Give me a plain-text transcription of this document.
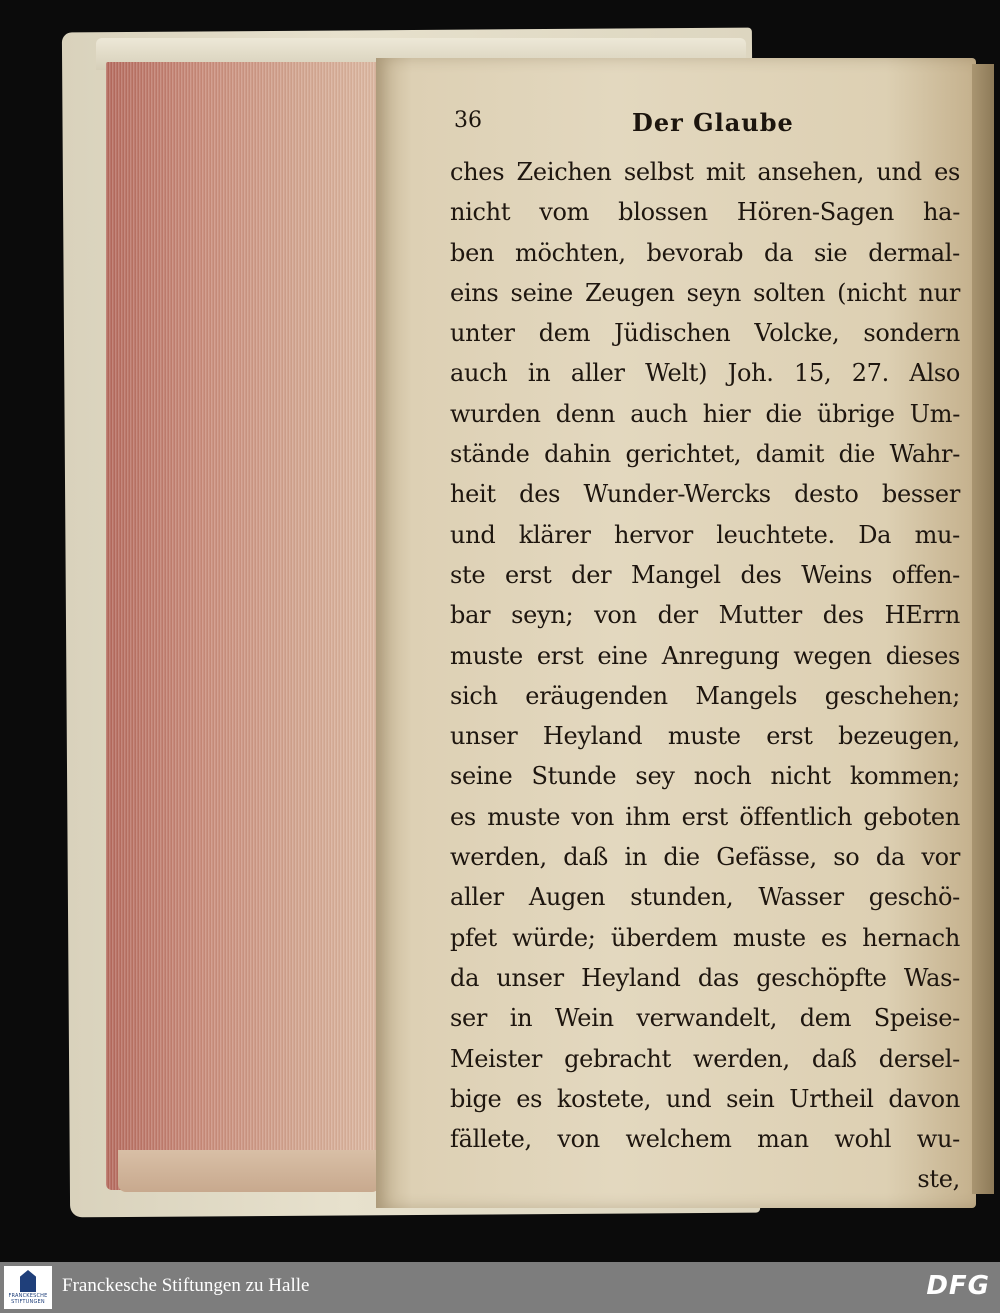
36	Der Glaube
ches Zeichen selbst mit ansehen, und es
nicht vom blossen Hören-Sagen ha-
ben möchten, bevorab da sie dermal-
eins seine Zeugen seyn solten (nicht nur
unter dem Jüdischen Volcke, sondern
auch in aller Welt) Joh. 15, 27. Also
wurden denn auch hier die übrige Um-
stände dahin gerichtet, damit die Wahr-
heit des Wunder-Wercks desto besser
und klärer hervor leuchtete. Da mu-
ste erst der Mangel des Weins offen-
bar seyn; von der Mutter des HErrn
muste erst eine Anregung wegen dieses
sich eräugenden Mangels geschehen;
unser Heyland muste erst bezeugen,
seine Stunde sey noch nicht kommen;
es muste von ihm erst öffentlich geboten
werden, daß in die Gefässe, so da vor
aller Augen stunden, Wasser geschö-
pfet würde; überdem muste es hernach
da unser Heyland das geschöpfte Was-
ser in Wein verwandelt, dem Speise-
Meister gebracht werden, daß dersel-
bige es kostete, und sein Urtheil davon
fällete, von welchem man wohl wu-
ste,
FRANCKESCHE STIFTUNGEN
Franckesche Stiftungen zu Halle	DFG
